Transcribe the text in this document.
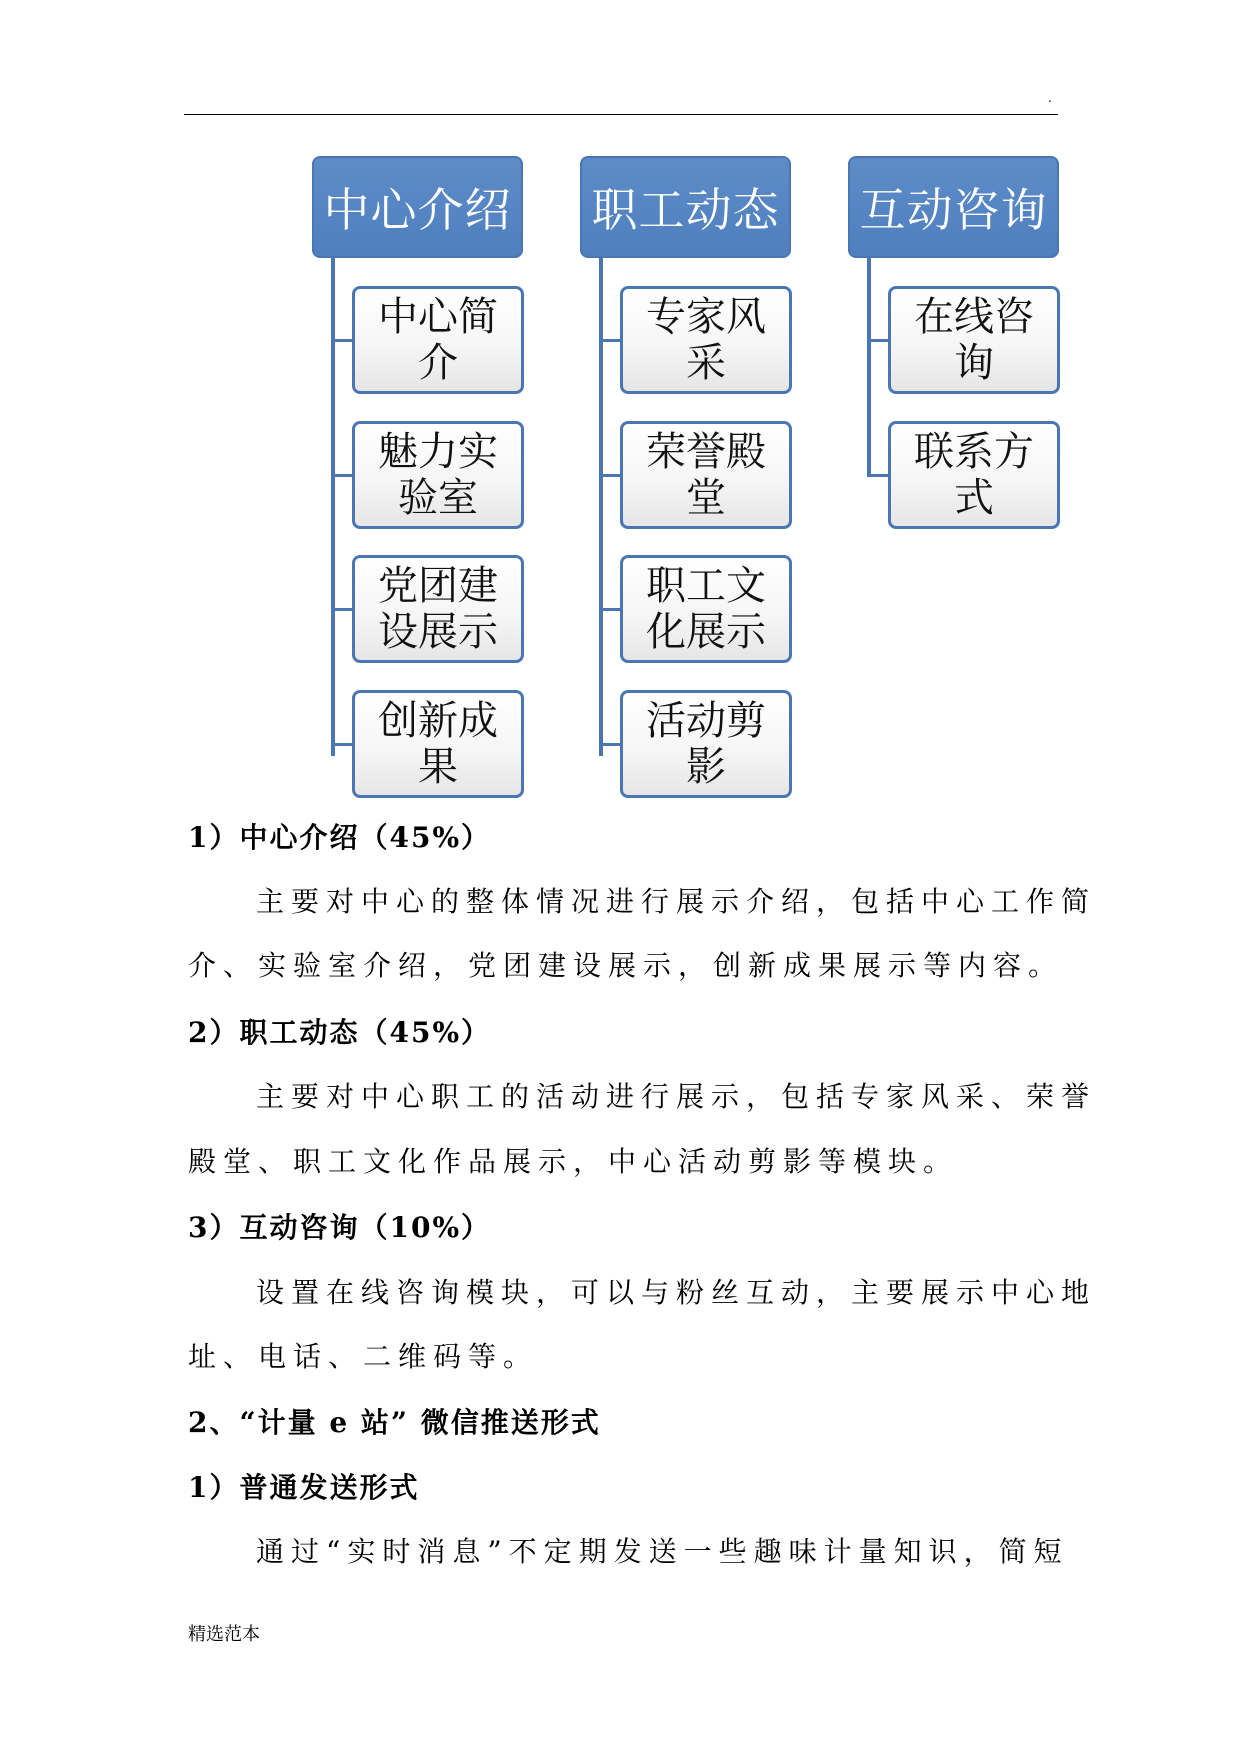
.
中心介绍
中心简介
魅力实验室
党团建设展示
创新成果
职工动态
专家风采
荣誉殿堂
职工文化展示
活动剪影
互动咨询
在线咨询
联系方式
1）中心介绍（45%）
主要对中心的整体情况进行展示介绍，包括中心工作简
介、实验室介绍，党团建设展示，创新成果展示等内容。
2）职工动态（45%）
主要对中心职工的活动进行展示，包括专家风采、荣誉
殿堂、职工文化作品展示，中心活动剪影等模块。
3）互动咨询（10%）
设置在线咨询模块，可以与粉丝互动，主要展示中心地
址、电话、二维码等。
2、“计量 e 站” 微信推送形式
1）普通发送形式
通过“实时消息”不定期发送一些趣味计量知识，简短
精选范本
